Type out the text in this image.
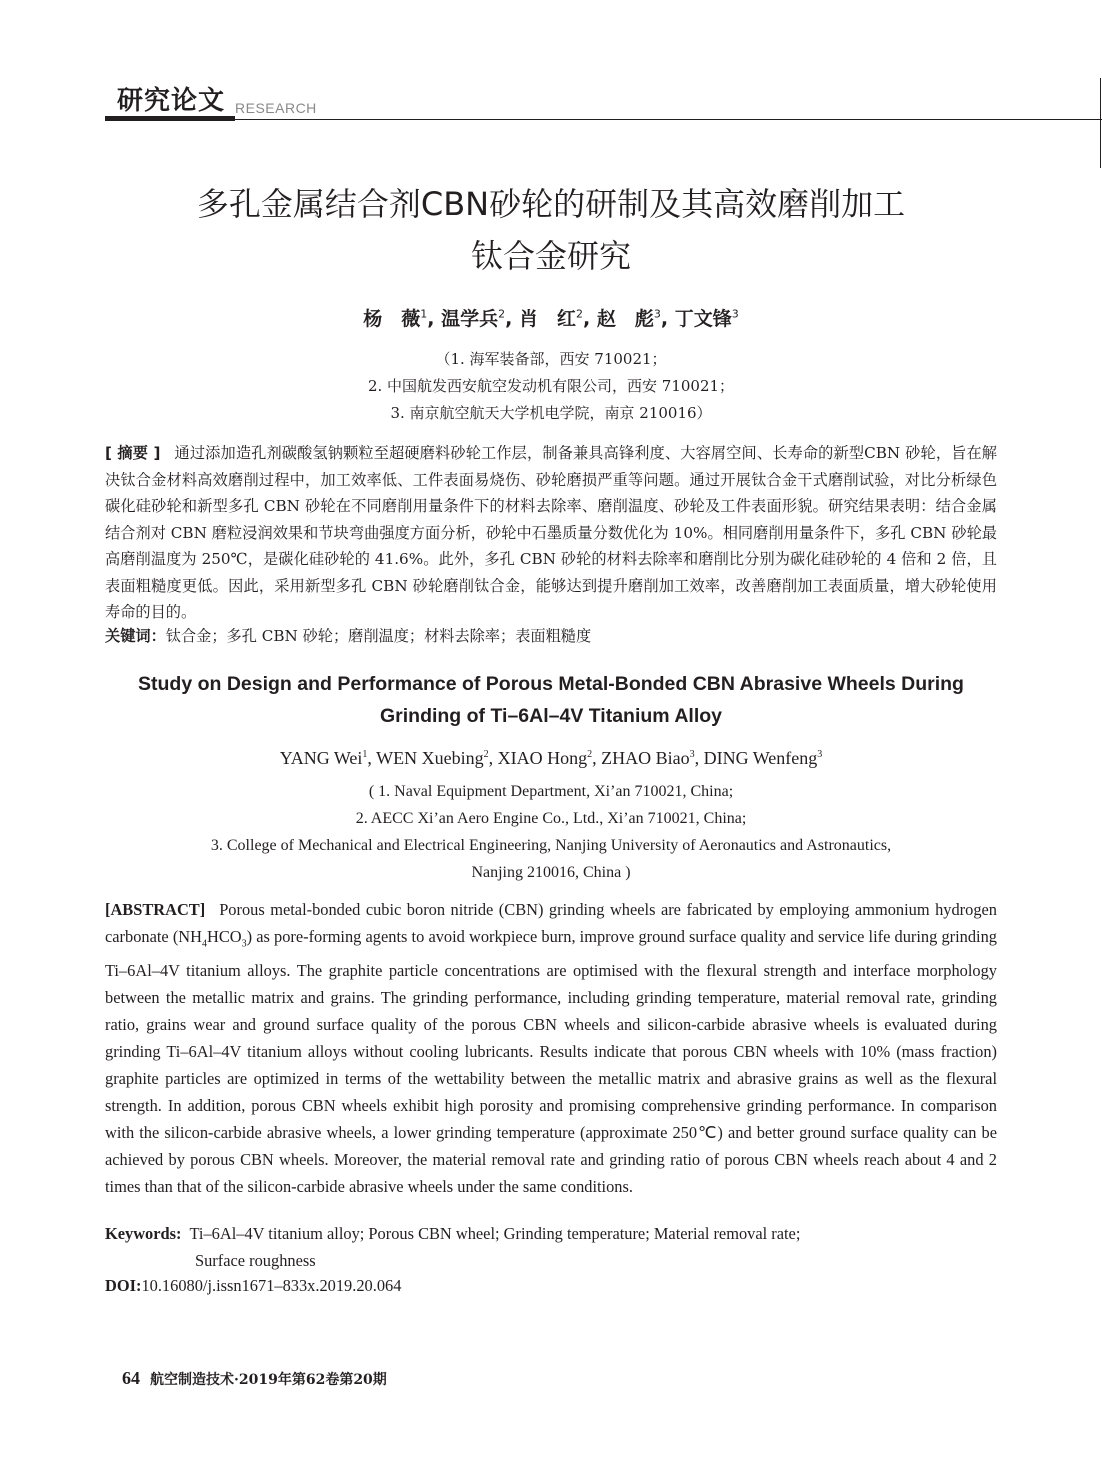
研究论文 RESEARCH
多孔金属结合剂CBN砂轮的研制及其高效磨削加工
钛合金研究
杨　薇$^1$, 温学兵$^2$, 肖　红$^2$, 赵　彪$^3$, 丁文锋$^3$
（1. 海军装备部，西安 710021；
2. 中国航发西安航空发动机有限公司，西安 710021；
3. 南京航空航天大学机电学院，南京 210016）
[ 摘要 ] 通过添加造孔剂碳酸氢钠颗粒至超硬磨料砂轮工作层，制备兼具高锋利度、大容屑空间、长寿命的新型CBN 砂轮，旨在解决钛合金材料高效磨削过程中，加工效率低、工件表面易烧伤、砂轮磨损严重等问题。通过开展钛合金干式磨削试验，对比分析绿色碳化硅砂轮和新型多孔 CBN 砂轮在不同磨削用量条件下的材料去除率、磨削温度、砂轮及工件表面形貌。研究结果表明：结合金属结合剂对 CBN 磨粒浸润效果和节块弯曲强度方面分析，砂轮中石墨质量分数优化为 10%。相同磨削用量条件下，多孔 CBN 砂轮最高磨削温度为 250℃，是碳化硅砂轮的 41.6%。此外，多孔 CBN 砂轮的材料去除率和磨削比分别为碳化硅砂轮的 4 倍和 2 倍，且表面粗糙度更低。因此，采用新型多孔 CBN 砂轮磨削钛合金，能够达到提升磨削加工效率，改善磨削加工表面质量，增大砂轮使用寿命的目的。
关键词：钛合金；多孔 CBN 砂轮；磨削温度；材料去除率；表面粗糙度
Study on Design and Performance of Porous Metal-Bonded CBN Abrasive Wheels During
Grinding of Ti–6Al–4V Titanium Alloy
YANG Wei$^1$, WEN Xuebing$^2$, XIAO Hong$^2$, ZHAO Biao$^3$, DING Wenfeng$^3$
( 1. Naval Equipment Department, Xi’an 710021, China;
2. AECC Xi’an Aero Engine Co., Ltd., Xi’an 710021, China;
3. College of Mechanical and Electrical Engineering, Nanjing University of Aeronautics and Astronautics,
Nanjing 210016, China )
[ABSTRACT] Porous metal-bonded cubic boron nitride (CBN) grinding wheels are fabricated by employing ammonium hydrogen carbonate $(NH_4HCO_3)$ as pore-forming agents to avoid workpiece burn, improve ground surface quality and service life during grinding Ti–6Al–4V titanium alloys. The graphite particle concentrations are optimised with the flexural strength and interface morphology between the metallic matrix and grains. The grinding performance, including grinding temperature, material removal rate, grinding ratio, grains wear and ground surface quality of the porous CBN wheels and silicon-carbide abrasive wheels is evaluated during grinding Ti–6Al–4V titanium alloys without cooling lubricants. Results indicate that porous CBN wheels with 10% (mass fraction) graphite particles are optimized in terms of the wettability between the metallic matrix and abrasive grains as well as the flexural strength. In addition, porous CBN wheels exhibit high porosity and promising comprehensive grinding performance. In comparison with the silicon-carbide abrasive wheels, a lower grinding temperature (approximate 250℃) and better ground surface quality can be achieved by porous CBN wheels. Moreover, the material removal rate and grinding ratio of porous CBN wheels reach about 4 and 2 times than that of the silicon-carbide abrasive wheels under the same conditions.
Keywords: Ti–6Al–4V titanium alloy; Porous CBN wheel; Grinding temperature; Material removal rate;
Surface roughness
DOI:10.16080/j.issn1671–833x.2019.20.064
64 航空制造技术·2019年第62卷第20期
